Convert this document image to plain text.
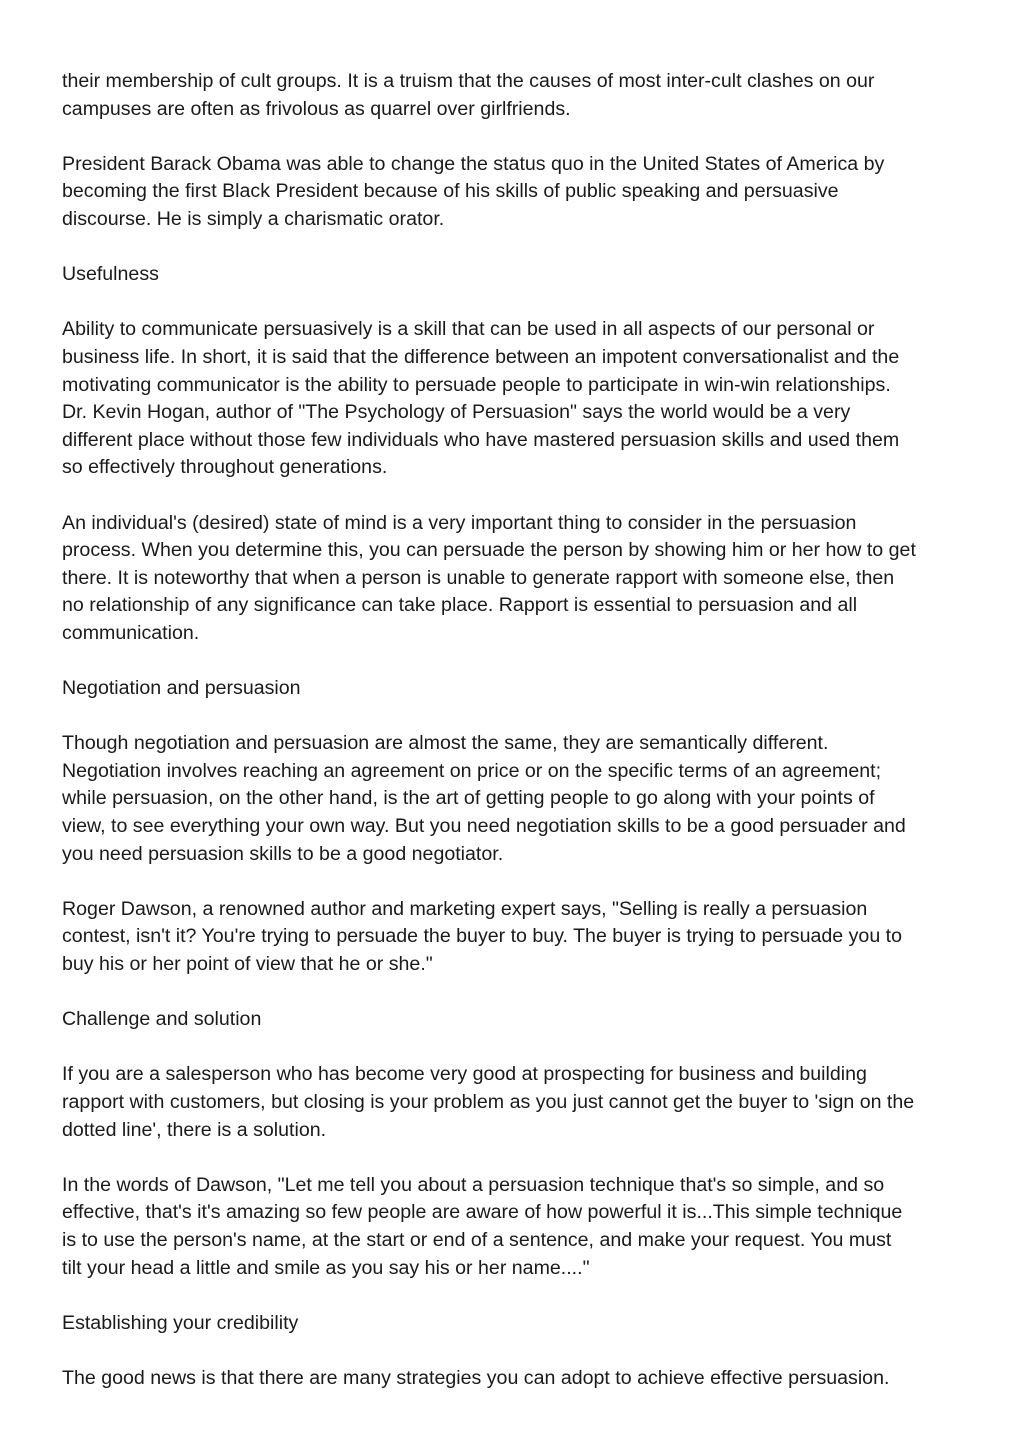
their membership of cult groups. It is a truism that the causes of most inter-cult clashes on our
campuses are often as frivolous as quarrel over girlfriends.
President Barack Obama was able to change the status quo in the United States of America by
becoming the first Black President because of his skills of public speaking and persuasive
discourse. He is simply a charismatic orator.
Usefulness
Ability to communicate persuasively is a skill that can be used in all aspects of our personal or
business life. In short, it is said that the difference between an impotent conversationalist and the
motivating communicator is the ability to persuade people to participate in win-win relationships.
Dr. Kevin Hogan, author of "The Psychology of Persuasion" says the world would be a very
different place without those few individuals who have mastered persuasion skills and used them
so effectively throughout generations.
An individual's (desired) state of mind is a very important thing to consider in the persuasion
process. When you determine this, you can persuade the person by showing him or her how to get
there. It is noteworthy that when a person is unable to generate rapport with someone else, then
no relationship of any significance can take place. Rapport is essential to persuasion and all
communication.
Negotiation and persuasion
Though negotiation and persuasion are almost the same, they are semantically different.
Negotiation involves reaching an agreement on price or on the specific terms of an agreement;
while persuasion, on the other hand, is the art of getting people to go along with your points of
view, to see everything your own way. But you need negotiation skills to be a good persuader and
you need persuasion skills to be a good negotiator.
Roger Dawson, a renowned author and marketing expert says, "Selling is really a persuasion
contest, isn't it? You're trying to persuade the buyer to buy. The buyer is trying to persuade you to
buy his or her point of view that he or she."
Challenge and solution
If you are a salesperson who has become very good at prospecting for business and building
rapport with customers, but closing is your problem as you just cannot get the buyer to 'sign on the
dotted line', there is a solution.
In the words of Dawson, "Let me tell you about a persuasion technique that's so simple, and so
effective, that's it's amazing so few people are aware of how powerful it is...This simple technique
is to use the person's name, at the start or end of a sentence, and make your request. You must
tilt your head a little and smile as you say his or her name...."
Establishing your credibility
The good news is that there are many strategies you can adopt to achieve effective persuasion.
